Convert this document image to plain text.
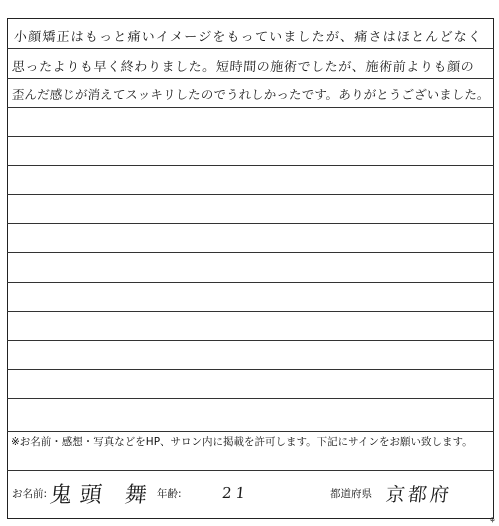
小顔矯正はもっと痛いイメージをもっていましたが、痛さはほとんどなく
思ったよりも早く終わりました。短時間の施術でしたが、施術前よりも顔の
歪んだ感じが消えてスッキリしたのでうれしかったです。ありがとうございました。
※お名前・感想・写真などをHP、サロン内に掲載を許可します。下記にサインをお願い致します。
お名前: 鬼頭 舞 年齢:	21	都道府県 京都府
⚘
